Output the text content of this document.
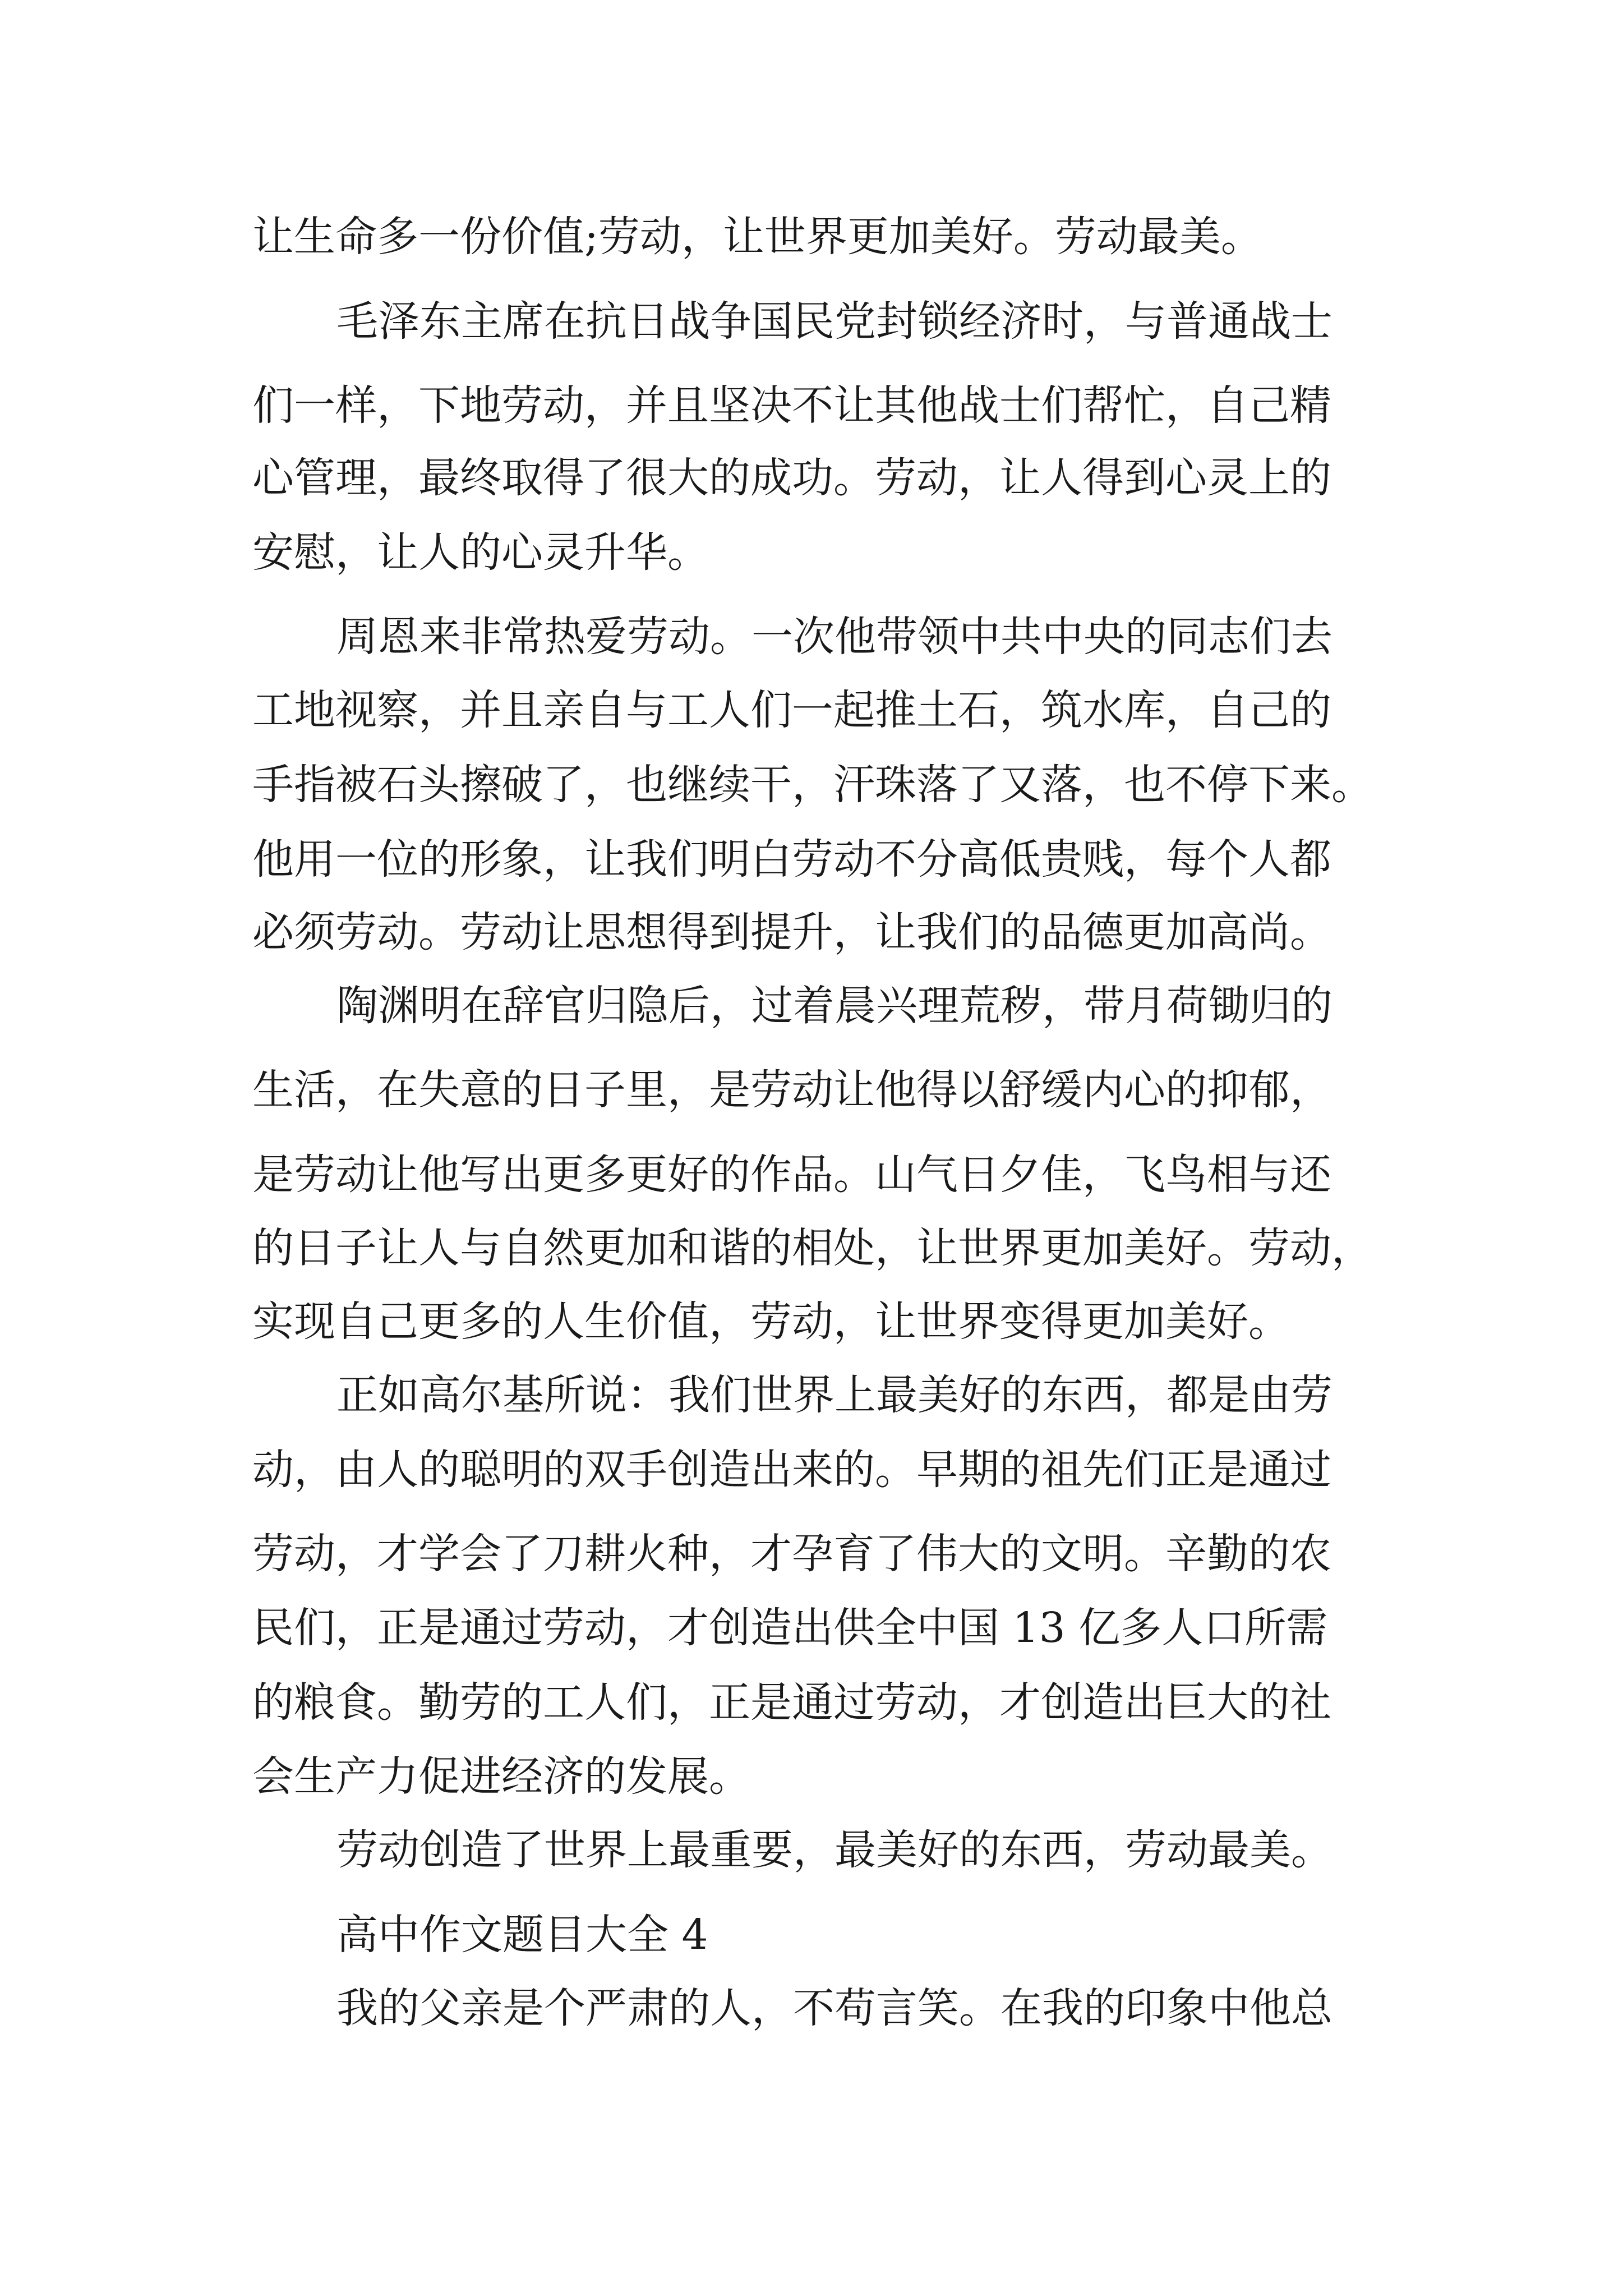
让生命多一份价值;劳动，让世界更加美好。劳动最美。

毛泽东主席在抗日战争国民党封锁经济时，与普通战士

们一样，下地劳动，并且坚决不让其他战士们帮忙，自己精

心管理，最终取得了很大的成功。劳动，让人得到心灵上的

安慰，让人的心灵升华。

周恩来非常热爱劳动。一次他带领中共中央的同志们去

工地视察，并且亲自与工人们一起推土石，筑水库，自己的

手指被石头擦破了，也继续干，汗珠落了又落，也不停下来。

他用一位的形象，让我们明白劳动不分高低贵贱，每个人都

必须劳动。劳动让思想得到提升，让我们的品德更加高尚。

陶渊明在辞官归隐后，过着晨兴理荒秽，带月荷锄归的

生活，在失意的日子里，是劳动让他得以舒缓内心的抑郁，

是劳动让他写出更多更好的作品。山气日夕佳，飞鸟相与还

的日子让人与自然更加和谐的相处，让世界更加美好。劳动，

实现自己更多的人生价值，劳动，让世界变得更加美好。

正如高尔基所说：我们世界上最美好的东西，都是由劳

动，由人的聪明的双手创造出来的。早期的祖先们正是通过

劳动，才学会了刀耕火种，才孕育了伟大的文明。辛勤的农

民们，正是通过劳动，才创造出供全中国 13 亿多人口所需

的粮食。勤劳的工人们，正是通过劳动，才创造出巨大的社

会生产力促进经济的发展。

劳动创造了世界上最重要，最美好的东西，劳动最美。

高中作文题目大全 4

我的父亲是个严肃的人，不苟言笑。在我的印象中他总
